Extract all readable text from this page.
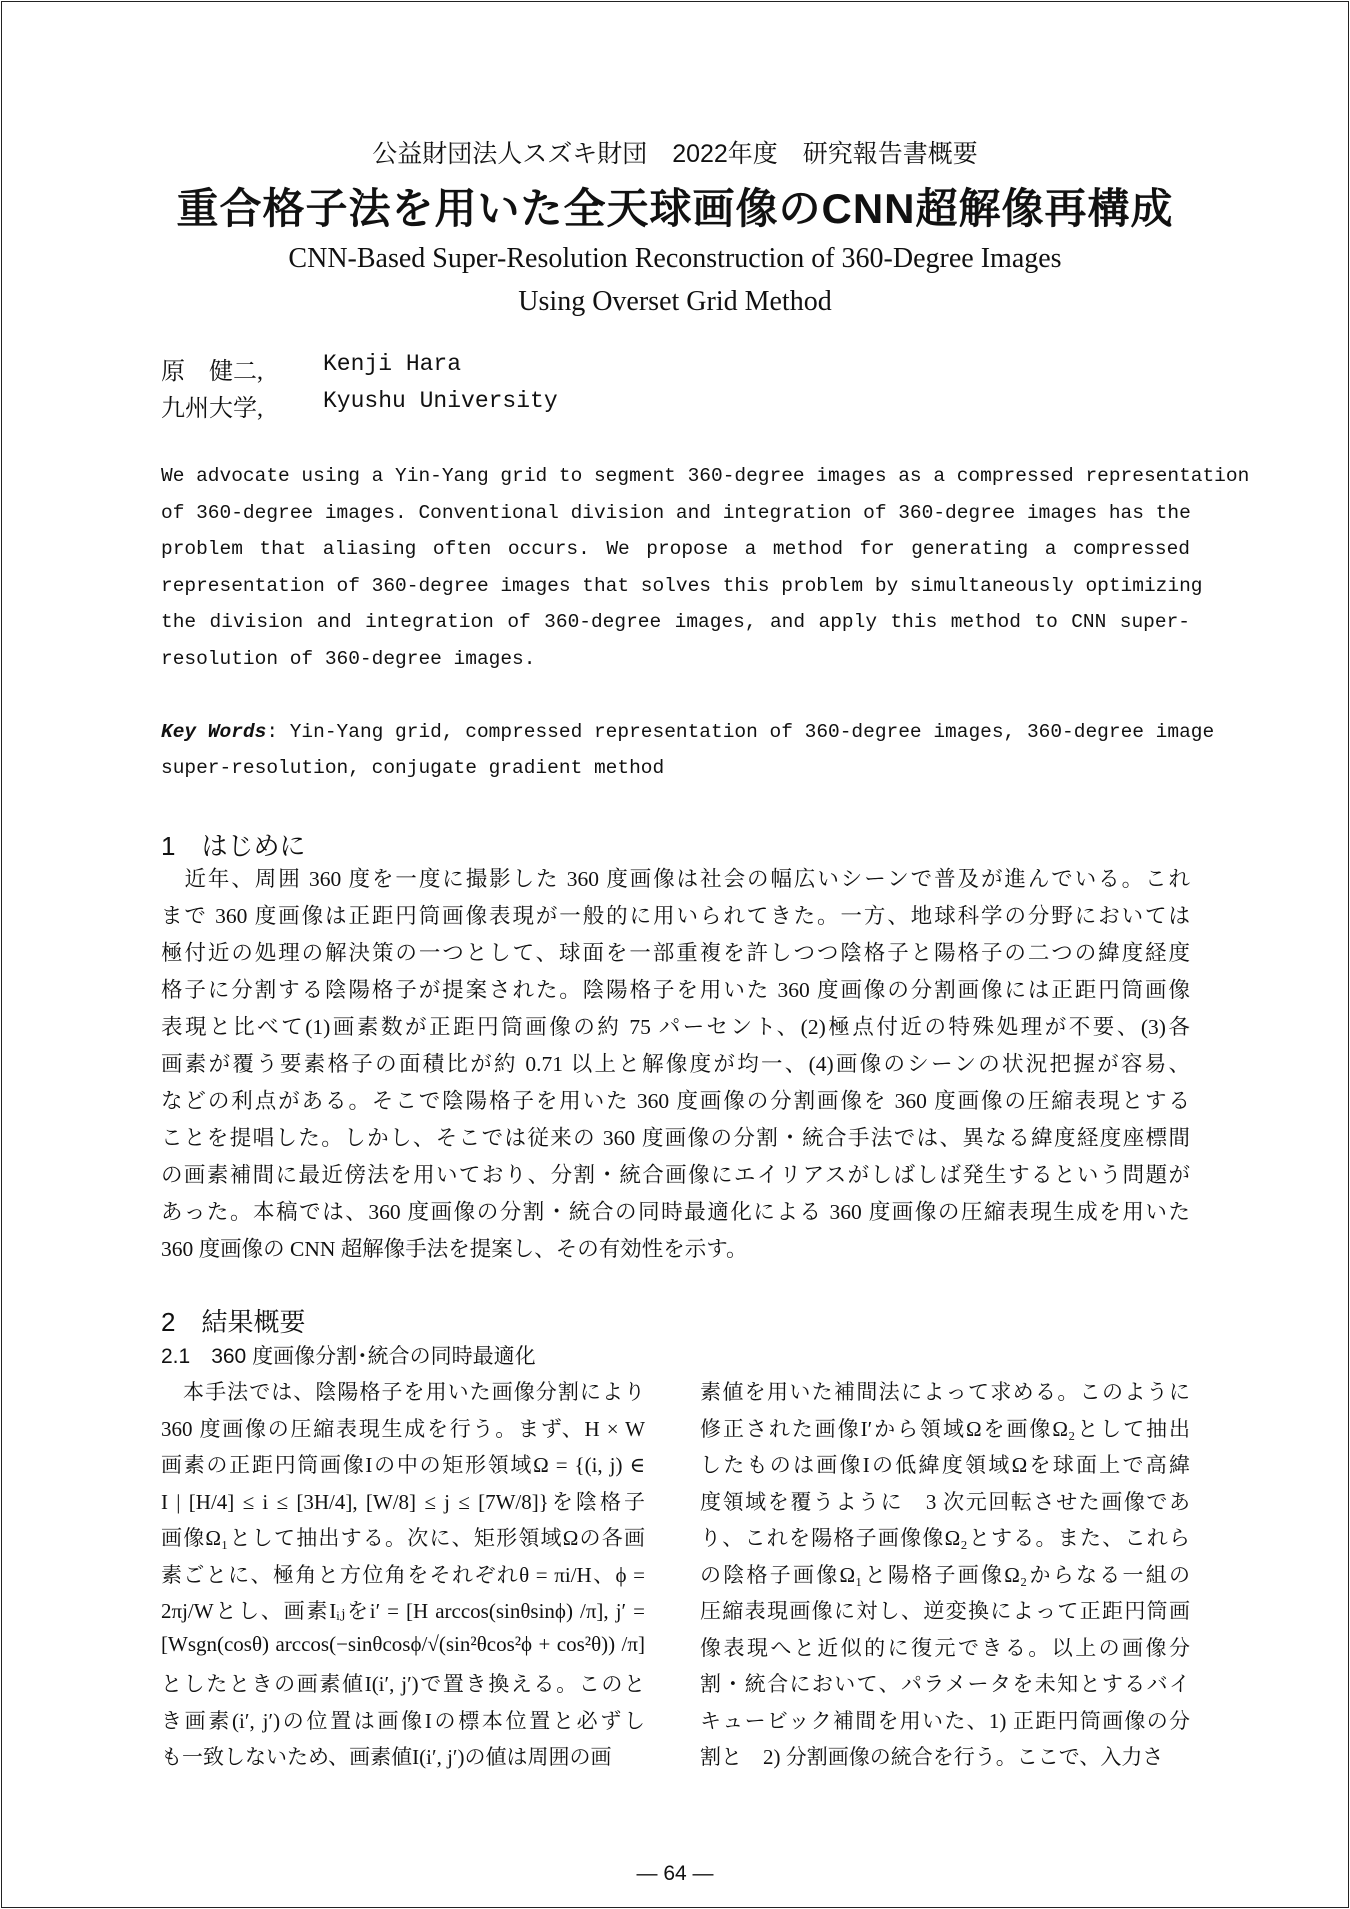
公益財団法人スズキ財団　2022年度　研究報告書概要
重合格子法を用いた全天球画像のCNN超解像再構成
CNN-Based Super-Resolution Reconstruction of 360-Degree Images
Using Overset Grid Method
原　健二,	Kenji Hara
九州大学,	Kyushu University
We advocate using a Yin-Yang grid to segment 360-degree images as a compressed representation
of 360-degree images. Conventional division and integration of 360-degree images has the
problem that aliasing often occurs. We propose a method for generating a compressed
representation of 360-degree images that solves this problem by simultaneously optimizing
the division and integration of 360-degree images, and apply this method to CNN super-
resolution of 360-degree images.
Key Words: Yin-Yang grid, compressed representation of 360-degree images, 360-degree image
super-resolution, conjugate gradient method
1　はじめに
　近年、周囲 360 度を一度に撮影した 360 度画像は社会の幅広いシーンで普及が進んでいる。これ
まで 360 度画像は正距円筒画像表現が一般的に用いられてきた。一方、地球科学の分野においては
極付近の処理の解決策の一つとして、球面を一部重複を許しつつ陰格子と陽格子の二つの緯度経度
格子に分割する陰陽格子が提案された。陰陽格子を用いた 360 度画像の分割画像には正距円筒画像
表現と比べて(1)画素数が正距円筒画像の約 75 パーセント、(2)極点付近の特殊処理が不要、(3)各
画素が覆う要素格子の面積比が約 0.71 以上と解像度が均一、(4)画像のシーンの状況把握が容易、
などの利点がある。そこで陰陽格子を用いた 360 度画像の分割画像を 360 度画像の圧縮表現とする
ことを提唱した。しかし、そこでは従来の 360 度画像の分割・統合手法では、異なる緯度経度座標間
の画素補間に最近傍法を用いており、分割・統合画像にエイリアスがしばしば発生するという問題が
あった。本稿では、360 度画像の分割・統合の同時最適化による 360 度画像の圧縮表現生成を用いた
360 度画像の CNN 超解像手法を提案し、その有効性を示す。
2　結果概要
2.1　360 度画像分割･統合の同時最適化
　本手法では、陰陽格子を用いた画像分割により
360 度画像の圧縮表現生成を行う。まず、H × W
画素の正距円筒画像Iの中の矩形領域Ω = {(i, j) ∈
I | [H/4] ≤ i ≤ [3H/4], [W/8] ≤ j ≤ [7W/8]}を陰格子
画像Ω₁として抽出する。次に、矩形領域Ωの各画
素ごとに、極角と方位角をそれぞれθ = πi/H、ϕ =
2πj/Wとし、画素Iᵢⱼをi′ = [H arccos(sinθsinϕ) /π], j′ =
[Wsgn(cosθ) arccos(−sinθcosϕ/√(sin²θcos²ϕ + cos²θ)) /π]
としたときの画素値I(i′, j′)で置き換える。このと
き画素(i′, j′)の位置は画像Iの標本位置と必ずし
も一致しないため、画素値I(i′, j′)の値は周囲の画
素値を用いた補間法によって求める。このように
修正された画像I′から領域Ωを画像Ω₂として抽出
したものは画像Iの低緯度領域Ωを球面上で高緯
度領域を覆うように　3 次元回転させた画像であ
り、これを陽格子画像像Ω₂とする。また、これら
の陰格子画像Ω₁と陽格子画像Ω₂からなる一組の
圧縮表現画像に対し、逆変換によって正距円筒画
像表現へと近似的に復元できる。以上の画像分
割・統合において、パラメータを未知とするバイ
キュービック補間を用いた、1) 正距円筒画像の分
割と　2) 分割画像の統合を行う。ここで、入力さ
— 64 —
